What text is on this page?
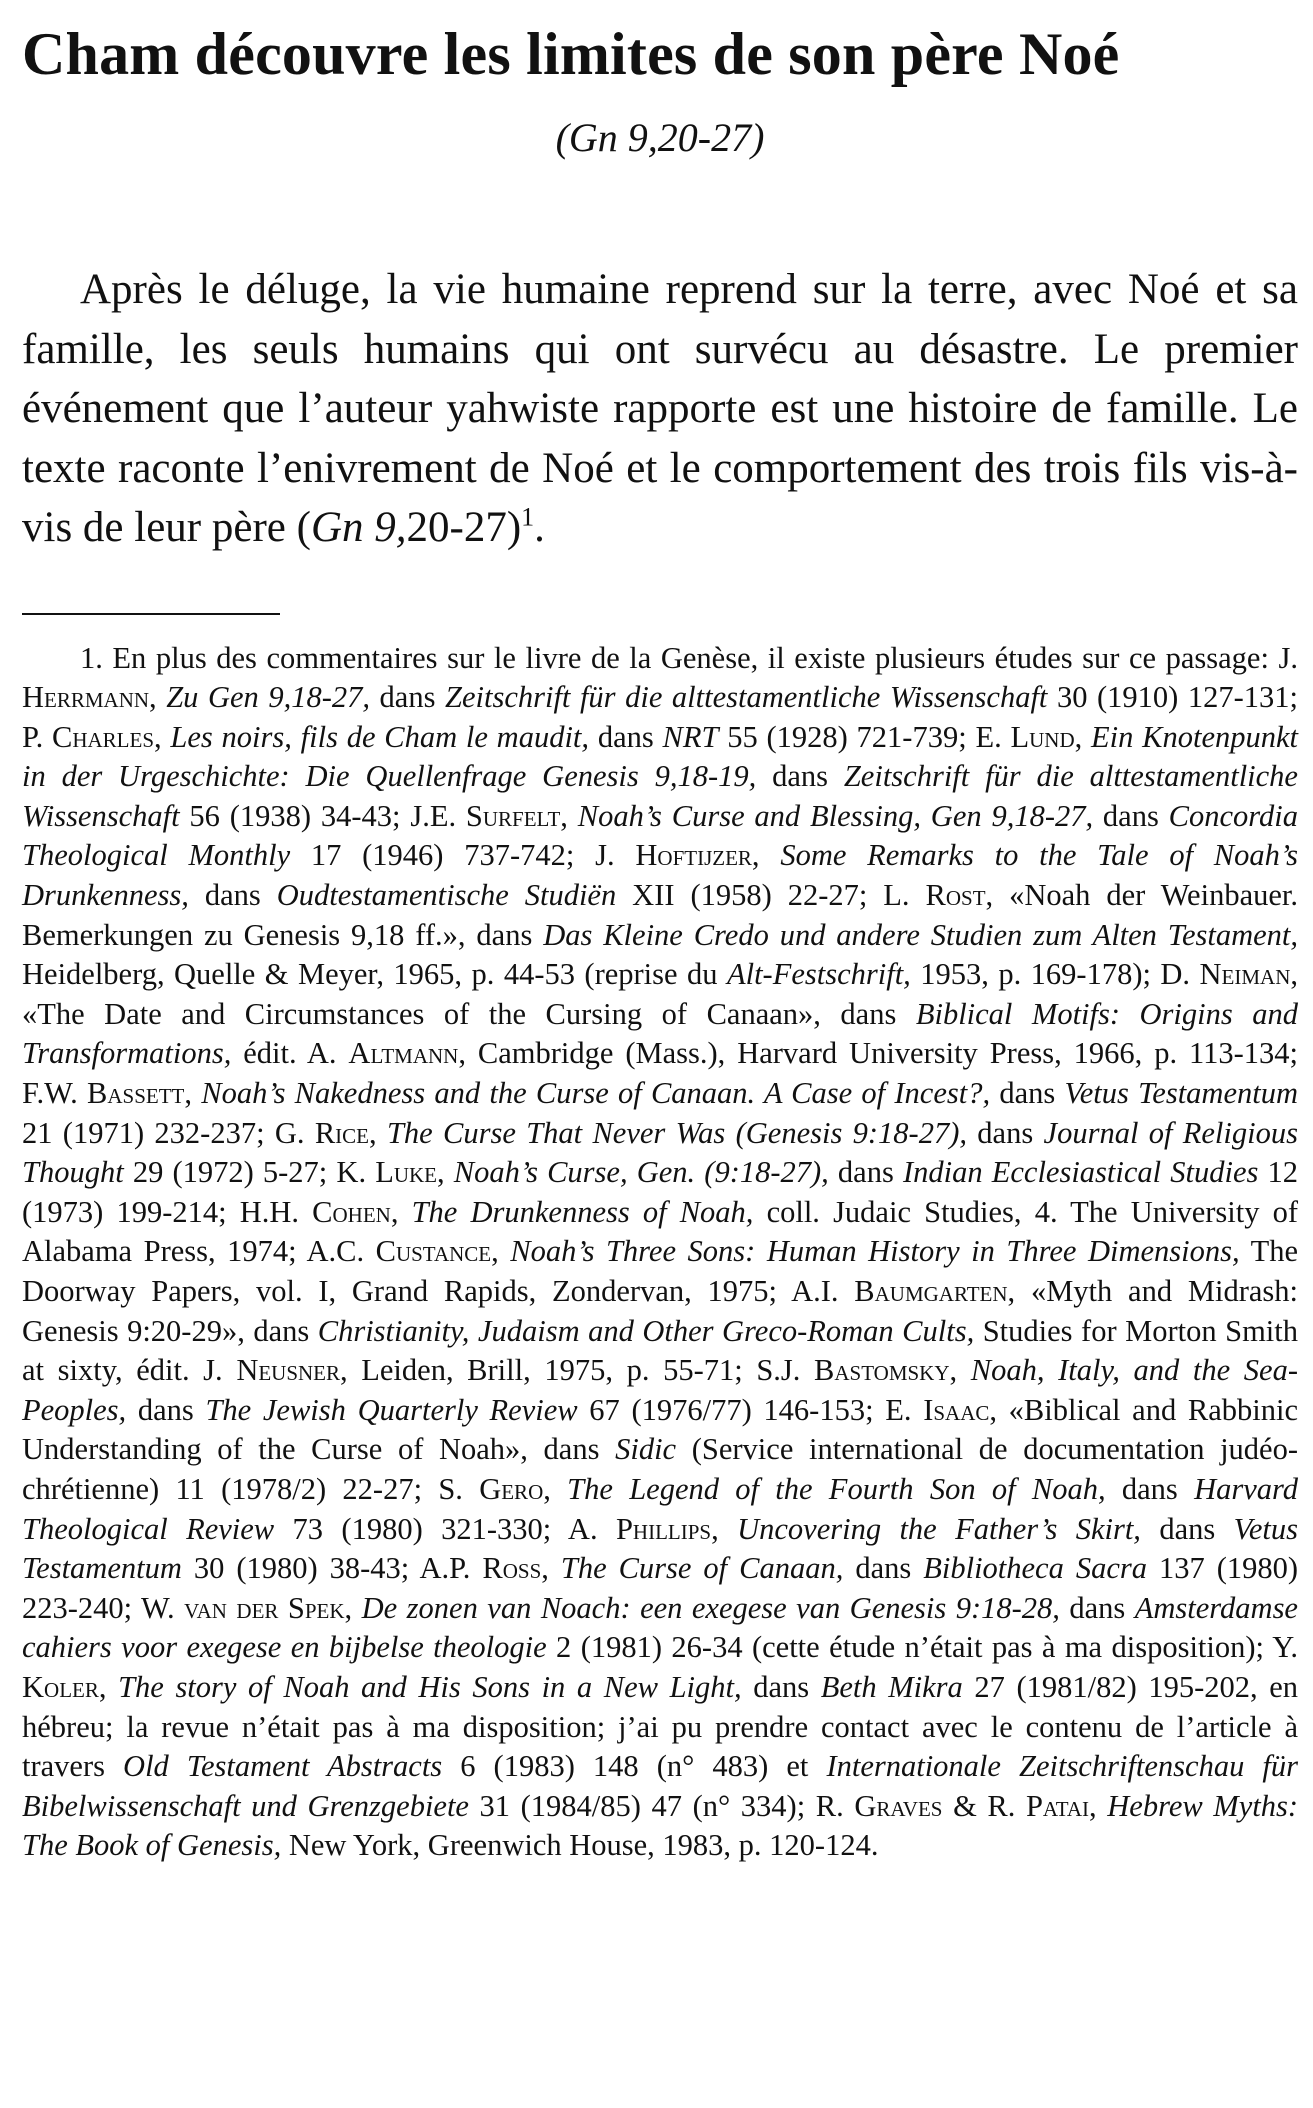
Cham découvre les limites de son père Noé

(Gn 9,20-27)

Après le déluge, la vie humaine reprend sur la terre, avec Noé et sa famille, les seuls humains qui ont survécu au désastre. Le premier événement que l’auteur yahwiste rapporte est une histoire de famille. Le texte raconte l’enivrement de Noé et le comportement des trois fils vis-à-vis de leur père (Gn 9,20-27)$^1$.

1. En plus des commentaires sur le livre de la Genèse, il existe plusieurs études sur ce passage: J. Herrmann, Zu Gen 9,18-27, dans Zeitschrift für die alttestamentliche Wissenschaft 30 (1910) 127-131; P. Charles, Les noirs, fils de Cham le maudit, dans NRT 55 (1928) 721-739; E. Lund, Ein Knotenpunkt in der Urgeschichte: Die Quellenfrage Genesis 9,18-19, dans Zeitschrift für die alttestamentliche Wissenschaft 56 (1938) 34-43; J.E. Surfelt, Noah’s Curse and Blessing, Gen 9,18-27, dans Concordia Theological Monthly 17 (1946) 737-742; J. Hoftijzer, Some Remarks to the Tale of Noah’s Drunkenness, dans Oudtestamentische Studiën XII (1958) 22-27; L. Rost, «Noah der Weinbauer. Bemerkungen zu Genesis 9,18 ff.», dans Das Kleine Credo und andere Studien zum Alten Testament, Heidelberg, Quelle & Meyer, 1965, p. 44-53 (reprise du Alt-Festschrift, 1953, p. 169-178); D. Neiman, «The Date and Circumstances of the Cursing of Canaan», dans Biblical Motifs: Origins and Transformations, édit. A. Altmann, Cambridge (Mass.), Harvard University Press, 1966, p. 113-134; F.W. Bassett, Noah’s Nakedness and the Curse of Canaan. A Case of Incest?, dans Vetus Testamentum 21 (1971) 232-237; G. Rice, The Curse That Never Was (Genesis 9:18-27), dans Journal of Religious Thought 29 (1972) 5-27; K. Luke, Noah’s Curse, Gen. (9:18-27), dans Indian Ecclesiastical Studies 12 (1973) 199-214; H.H. Cohen, The Drunkenness of Noah, coll. Judaic Studies, 4. The University of Alabama Press, 1974; A.C. Custance, Noah’s Three Sons: Human History in Three Dimensions, The Doorway Papers, vol. I, Grand Rapids, Zondervan, 1975; A.I. Baumgarten, «Myth and Midrash: Genesis 9:20-29», dans Christianity, Judaism and Other Greco-Roman Cults, Studies for Morton Smith at sixty, édit. J. Neusner, Leiden, Brill, 1975, p. 55-71; S.J. Bastomsky, Noah, Italy, and the Sea-Peoples, dans The Jewish Quarterly Review 67 (1976/77) 146-153; E. Isaac, «Biblical and Rabbinic Understanding of the Curse of Noah», dans Sidic (Service international de documentation judéo-chrétienne) 11 (1978/2) 22-27; S. Gero, The Legend of the Fourth Son of Noah, dans Harvard Theological Review 73 (1980) 321-330; A. Phillips, Uncovering the Father’s Skirt, dans Vetus Testamentum 30 (1980) 38-43; A.P. Ross, The Curse of Canaan, dans Bibliotheca Sacra 137 (1980) 223-240; W. van der Spek, De zonen van Noach: een exegese van Genesis 9:18-28, dans Amsterdamse cahiers voor exegese en bijbelse theologie 2 (1981) 26-34 (cette étude n’était pas à ma disposition); Y. Koler, The story of Noah and His Sons in a New Light, dans Beth Mikra 27 (1981/82) 195-202, en hébreu; la revue n’était pas à ma disposition; j’ai pu prendre contact avec le contenu de l’article à travers Old Testament Abstracts 6 (1983) 148 (n° 483) et Internationale Zeitschriftenschau für Bibelwissenschaft und Grenzgebiete 31 (1984/85) 47 (n° 334); R. Graves & R. Patai, Hebrew Myths: The Book of Genesis, New York, Greenwich House, 1983, p. 120-124.
